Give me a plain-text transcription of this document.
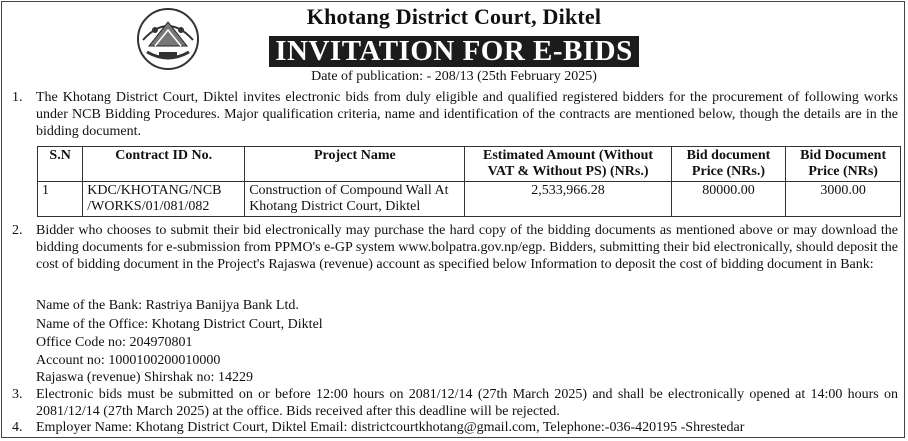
Khotang District Court, Diktel
INVITATION FOR E-BIDS
Date of publication: - 208/13 (25th February 2025)
1. The Khotang District Court, Diktel invites electronic bids from duly eligible and qualified registered bidders for the procurement of following works under NCB Bidding Procedures. Major qualification criteria, name and identification of the contracts are mentioned below, though the details are in the bidding document.
S.N	Contract ID No.	Project Name	Estimated Amount (Without VAT & Without PS) (NRs.)	Bid document Price (NRs.)	Bid Document Price (NRs)
1	KDC/KHOTANG/NCB /WORKS/01/081/082	Construction of Compound Wall At Khotang District Court, Diktel	2,533,966.28	80000.00	3000.00
2. Bidder who chooses to submit their bid electronically may purchase the hard copy of the bidding documents as mentioned above or may download the bidding documents for e-submission from PPMO's e-GP system www.bolpatra.gov.np/egp. Bidders, submitting their bid electronically, should deposit the cost of bidding document in the Project's Rajaswa (revenue) account as specified below Information to deposit the cost of bidding document in Bank:
Name of the Bank: Rastriya Banijya Bank Ltd.
Name of the Office: Khotang District Court, Diktel
Office Code no: 204970801
Account no: 1000100200010000
Rajaswa (revenue) Shirshak no: 14229
3. Electronic bids must be submitted on or before 12:00 hours on 2081/12/14 (27th March 2025) and shall be electronically opened at 14:00 hours on 2081/12/14 (27th March 2025) at the office. Bids received after this deadline will be rejected.
4. Employer Name: Khotang District Court, Diktel Email: districtcourtkhotang@gmail.com, Telephone:-036-420195 -Shrestedar
